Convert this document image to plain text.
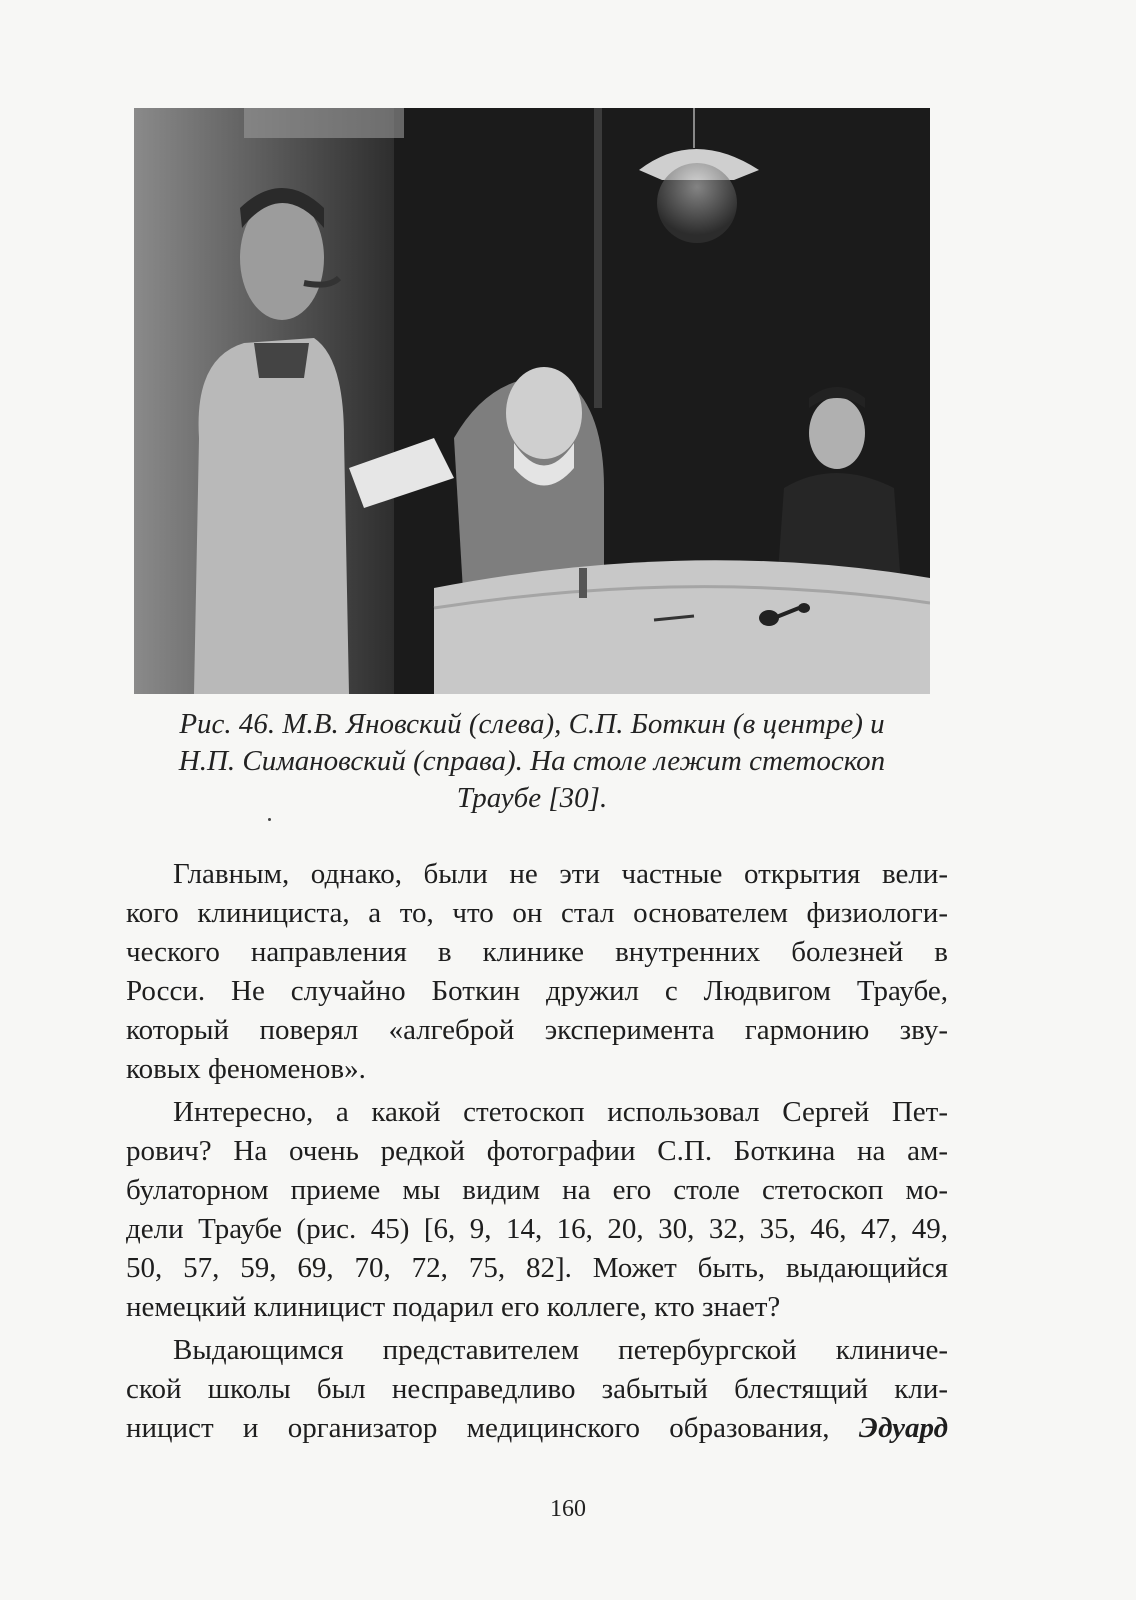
Рис. 46. М.В. Яновский (слева), С.П. Боткин (в центре) и
Н.П. Симановский (справа). На столе лежит стетоскоп
Траубе [30].
Главным, однако, были не эти частные открытия вели-
кого клинициста, а то, что он стал основателем физиологи-
ческого направления в клинике внутренних болезней в
Росси. Не случайно Боткин дружил с Людвигом Траубе,
который поверял «алгеброй эксперимента гармонию зву-
ковых феноменов».
Интересно, а какой стетоскоп использовал Сергей Пет-
рович? На очень редкой фотографии С.П. Боткина на ам-
булаторном приеме мы видим на его столе стетоскоп мо-
дели Траубе (рис. 45) [6, 9, 14, 16, 20, 30, 32, 35, 46, 47, 49,
50, 57, 59, 69, 70, 72, 75, 82]. Может быть, выдающийся
немецкий клиницист подарил его коллеге, кто знает?
Выдающимся представителем петербургской клиниче-
ской школы был несправедливо забытый блестящий кли-
ницист и организатор медицинского образования, Эдуард
160
